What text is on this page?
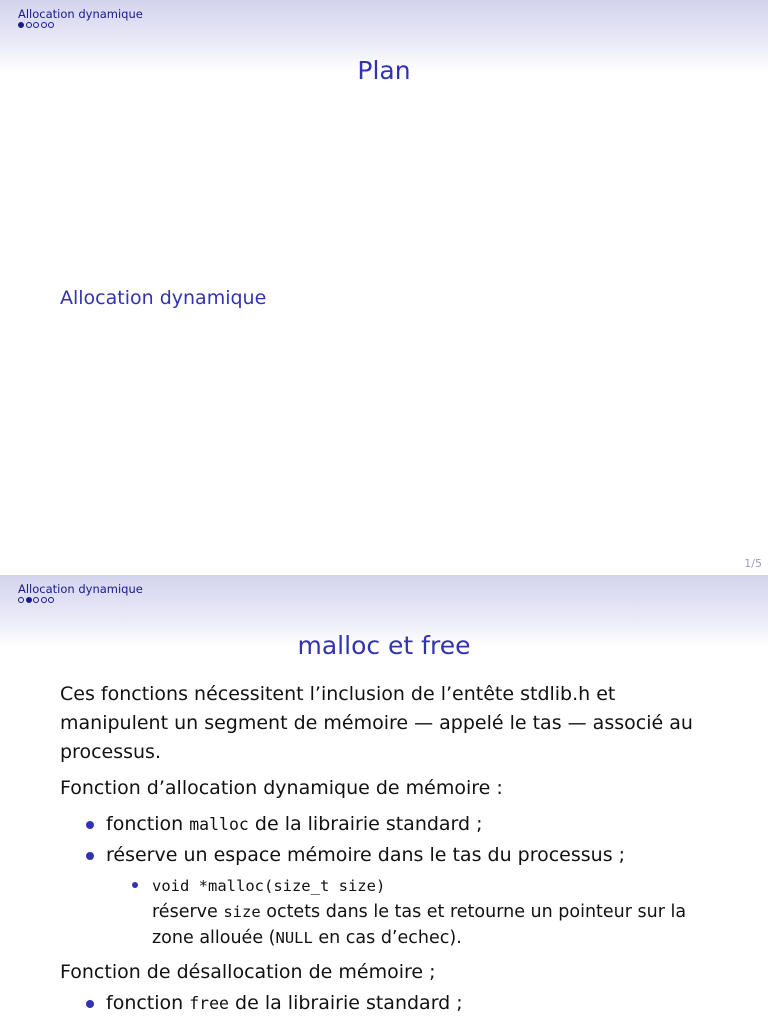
Allocation dynamique
Plan
Allocation dynamique
1/5
Allocation dynamique
malloc et free

Ces fonctions nécessitent l’inclusion de l’entête stdlib.h et
manipulent un segment de mémoire — appelé le tas — associé au
processus.

Fonction d’allocation dynamique de mémoire :

fonction malloc de la librairie standard ;
réserve un espace mémoire dans le tas du processus ;
void *malloc(size_t size)
réserve size octets dans le tas et retourne un pointeur sur la
zone allouée (NULL en cas d’echec).

Fonction de désallocation de mémoire ;

fonction free de la librairie standard ;
